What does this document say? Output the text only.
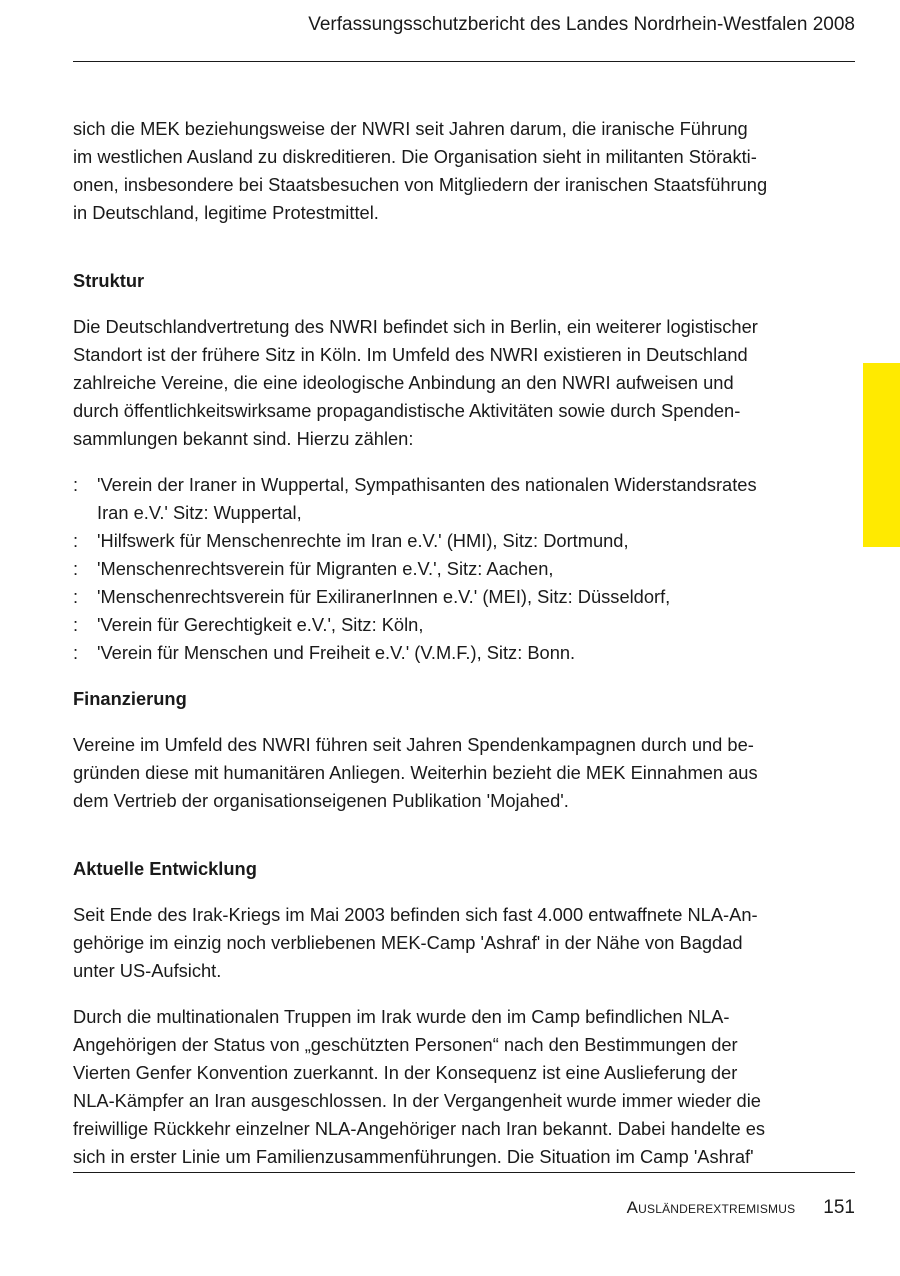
Verfassungsschutzbericht des Landes Nordrhein-Westfalen 2008

sich die MEK beziehungsweise der NWRI seit Jahren darum, die iranische Führung
im westlichen Ausland zu diskreditieren. Die Organisation sieht in militanten Störakti-
onen, insbesondere bei Staatsbesuchen von Mitgliedern der iranischen Staatsführung
in Deutschland, legitime Protestmittel.

Struktur

Die Deutschlandvertretung des NWRI befindet sich in Berlin, ein weiterer logistischer
Standort ist der frühere Sitz in Köln. Im Umfeld des NWRI existieren in Deutschland
zahlreiche Vereine, die eine ideologische Anbindung an den NWRI aufweisen und
durch öffentlichkeitswirksame propagandistische Aktivitäten sowie durch Spenden-
sammlungen bekannt sind. Hierzu zählen:

: 'Verein der Iraner in Wuppertal, Sympathisanten des nationalen Widerstandsrates
Iran e.V.' Sitz: Wuppertal,
: 'Hilfswerk für Menschenrechte im Iran e.V.' (HMI), Sitz: Dortmund,
: 'Menschenrechtsverein für Migranten e.V.', Sitz: Aachen,
: 'Menschenrechtsverein für ExiliranerInnen e.V.' (MEI), Sitz: Düsseldorf,
: 'Verein für Gerechtigkeit e.V.', Sitz: Köln,
: 'Verein für Menschen und Freiheit e.V.' (V.M.F.), Sitz: Bonn.
Finanzierung

Vereine im Umfeld des NWRI führen seit Jahren Spendenkampagnen durch und be-
gründen diese mit humanitären Anliegen. Weiterhin bezieht die MEK Einnahmen aus
dem Vertrieb der organisationseigenen Publikation 'Mojahed'.

Aktuelle Entwicklung

Seit Ende des Irak-Kriegs im Mai 2003 befinden sich fast 4.000 entwaffnete NLA-An-
gehörige im einzig noch verbliebenen MEK-Camp 'Ashraf' in der Nähe von Bagdad
unter US-Aufsicht.

Durch die multinationalen Truppen im Irak wurde den im Camp befindlichen NLA-
Angehörigen der Status von „geschützten Personen“ nach den Bestimmungen der
Vierten Genfer Konvention zuerkannt. In der Konsequenz ist eine Auslieferung der
NLA-Kämpfer an Iran ausgeschlossen. In der Vergangenheit wurde immer wieder die
freiwillige Rückkehr einzelner NLA-Angehöriger nach Iran bekannt. Dabei handelte es
sich in erster Linie um Familienzusammenführungen. Die Situation im Camp 'Ashraf'

Ausländerextremismus 151
